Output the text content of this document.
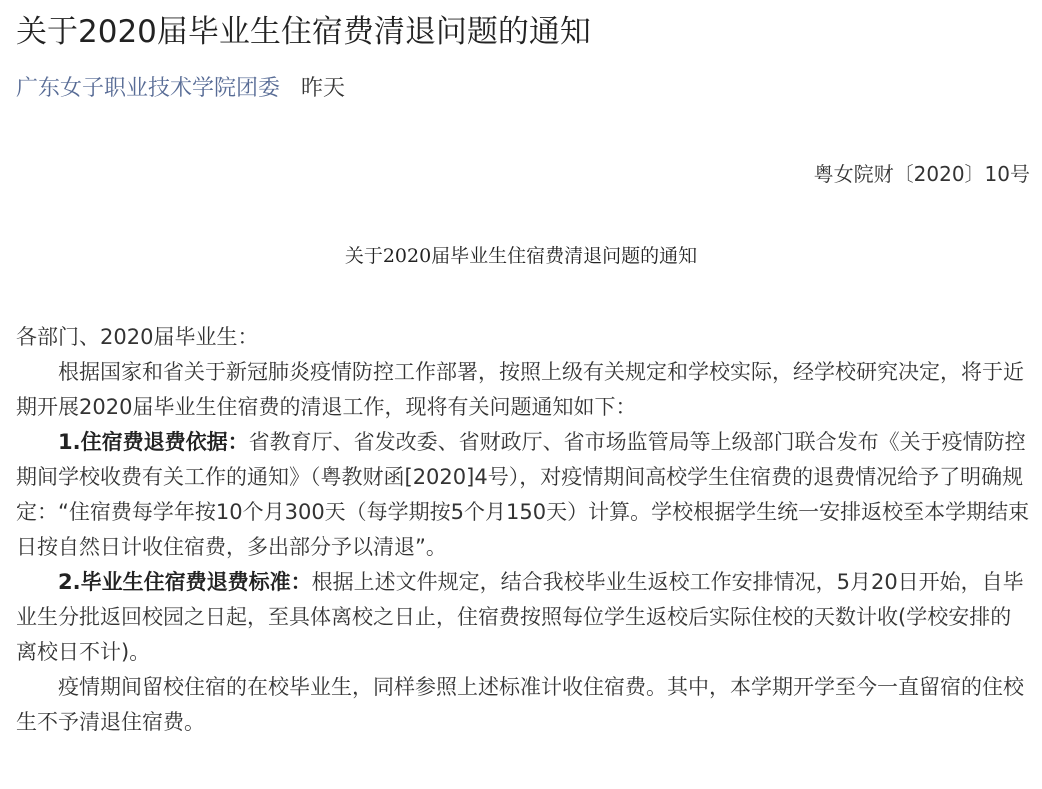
关于2020届毕业生住宿费清退问题的通知
广东女子职业技术学院团委 昨天
粤女院财〔2020〕10号
关于2020届毕业生住宿费清退问题的通知

各部门、2020届毕业生：

根据国家和省关于新冠肺炎疫情防控工作部署，按照上级有关规定和学校实际，经学校研究决定，将于近期开展2020届毕业生住宿费的清退工作，现将有关问题通知如下：

1.住宿费退费依据：省教育厅、省发改委、省财政厅、省市场监管局等上级部门联合发布《关于疫情防控期间学校收费有关工作的通知》（粤教财函[2020]4号），对疫情期间高校学生住宿费的退费情况给予了明确规定：“住宿费每学年按10个月300天（每学期按5个月150天）计算。学校根据学生统一安排返校至本学期结束日按自然日计收住宿费，多出部分予以清退”。

2.毕业生住宿费退费标准：根据上述文件规定，结合我校毕业生返校工作安排情况，5月20日开始，自毕业生分批返回校园之日起，至具体离校之日止，住宿费按照每位学生返校后实际住校的天数计收(学校安排的离校日不计)。

疫情期间留校住宿的在校毕业生，同样参照上述标准计收住宿费。其中，本学期开学至今一直留宿的住校生不予清退住宿费。
